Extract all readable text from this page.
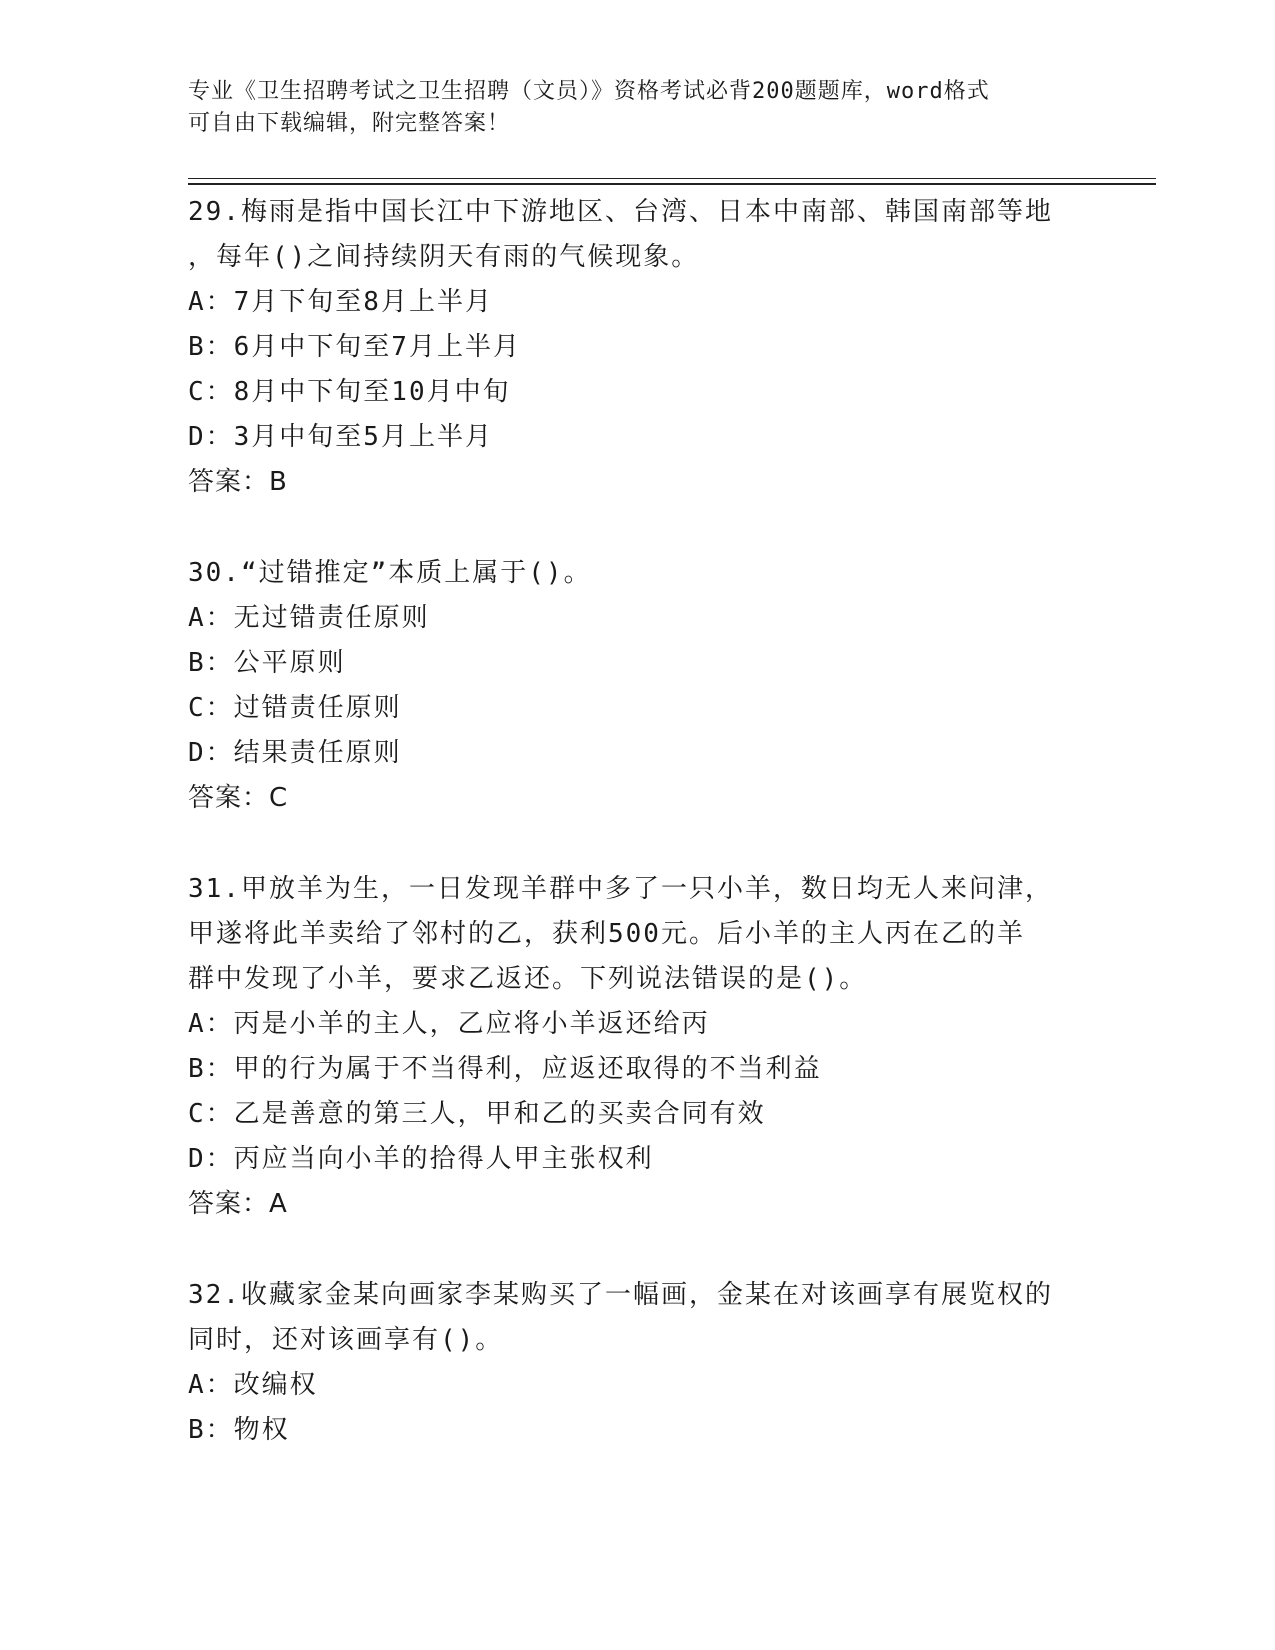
专业《卫生招聘考试之卫生招聘（文员）》资格考试必背200题题库，word格式
可自由下载编辑，附完整答案！
29.梅雨是指中国长江中下游地区、台湾、日本中南部、韩国南部等地
，每年()之间持续阴天有雨的气候现象。
A：7月下旬至8月上半月
B：6月中下旬至7月上半月
C：8月中下旬至10月中旬
D：3月中旬至5月上半月
答案：B
30.“过错推定”本质上属于()。
A：无过错责任原则
B：公平原则
C：过错责任原则
D：结果责任原则
答案：C
31.甲放羊为生，一日发现羊群中多了一只小羊，数日均无人来问津，
甲遂将此羊卖给了邻村的乙，获利500元。后小羊的主人丙在乙的羊
群中发现了小羊，要求乙返还。下列说法错误的是()。
A：丙是小羊的主人，乙应将小羊返还给丙
B：甲的行为属于不当得利，应返还取得的不当利益
C：乙是善意的第三人，甲和乙的买卖合同有效
D：丙应当向小羊的拾得人甲主张权利
答案：A
32.收藏家金某向画家李某购买了一幅画，金某在对该画享有展览权的
同时，还对该画享有()。
A：改编权
B：物权
